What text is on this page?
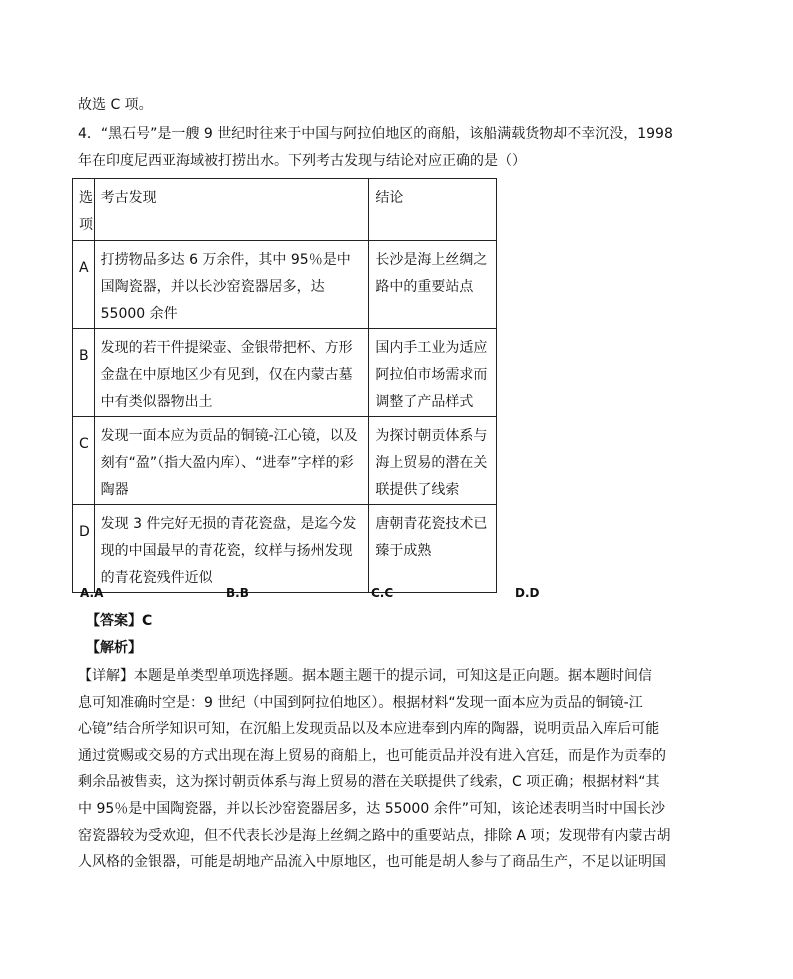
故选 C 项。
4．“黑石号”是一艘 9 世纪时往来于中国与阿拉伯地区的商船，该船满载货物却不幸沉没，1998
年在印度尼西亚海域被打捞出水。下列考古发现与结论对应正确的是（）
选项	考古发现	结论
A	打捞物品多达 6 万余件，其中 95％是中国陶瓷器，并以长沙窑瓷器居多，达 55000 余件	长沙是海上丝绸之路中的重要站点
B	发现的若干件提梁壶、金银带把杯、方形金盘在中原地区少有见到，仅在内蒙古墓中有类似器物出土	国内手工业为适应阿拉伯市场需求而调整了产品样式
C	发现一面本应为贡品的铜镜-江心镜，以及刻有“盈”（指大盈内库）、“进奉”字样的彩陶器	为探讨朝贡体系与海上贸易的潜在关联提供了线索
D	发现 3 件完好无损的青花瓷盘，是迄今发现的中国最早的青花瓷，纹样与扬州发现的青花瓷残件近似	唐朝青花瓷技术已臻于成熟
A.A	B.B	C.C	D.D
【答案】C
【解析】
【详解】本题是单类型单项选择题。据本题主题干的提示词，可知这是正向题。据本题时间信
息可知准确时空是：9 世纪（中国到阿拉伯地区）。根据材料“发现一面本应为贡品的铜镜-江
心镜”结合所学知识可知，在沉船上发现贡品以及本应进奉到内库的陶器，说明贡品入库后可能
通过赏赐或交易的方式出现在海上贸易的商船上，也可能贡品并没有进入宫廷，而是作为贡奉的
剩余品被售卖，这为探讨朝贡体系与海上贸易的潜在关联提供了线索，C 项正确；根据材料“其
中 95％是中国陶瓷器，并以长沙窑瓷器居多，达 55000 余件”可知，该论述表明当时中国长沙
窑瓷器较为受欢迎，但不代表长沙是海上丝绸之路中的重要站点，排除 A 项；发现带有内蒙古胡
人风格的金银器，可能是胡地产品流入中原地区，也可能是胡人参与了商品生产，不足以证明国
